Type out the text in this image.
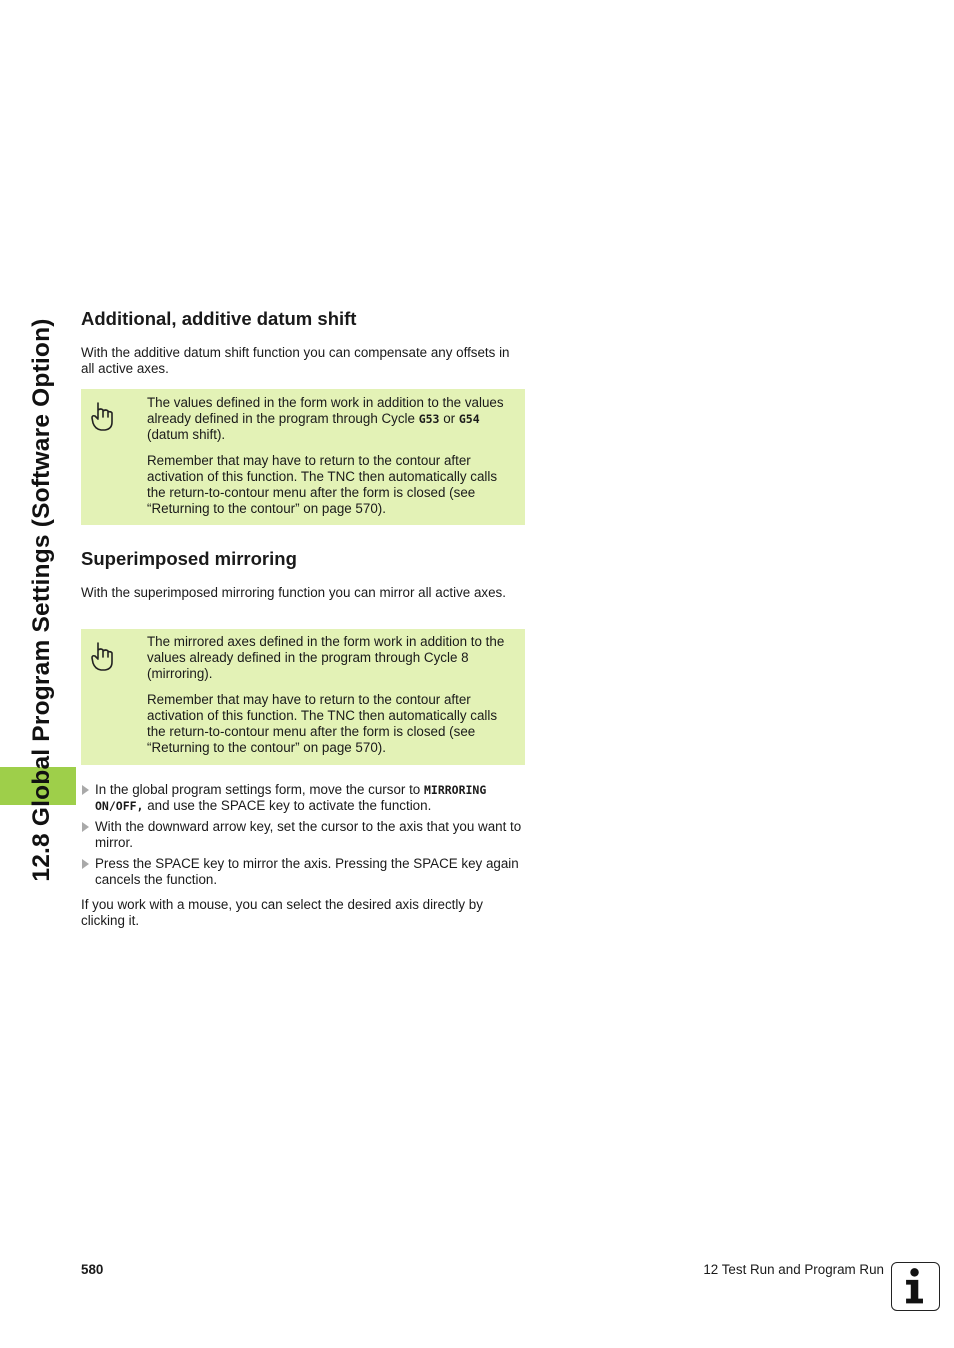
12.8 Global Program Settings (Software Option) Additional, additive datum shift

With the additive datum shift function you can compensate any offsets in all active axes.

The values defined in the form work in addition to the values already defined in the program through Cycle G53 or G54 (datum shift).

Remember that may have to return to the contour after activation of this function. The TNC then automatically calls the return-to-contour menu after the form is closed (see “Returning to the contour” on page 570).

Superimposed mirroring

With the superimposed mirroring function you can mirror all active axes.

The mirrored axes defined in the form work in addition to the values already defined in the program through Cycle 8 (mirroring).

Remember that may have to return to the contour after activation of this function. The TNC then automatically calls the return-to-contour menu after the form is closed (see “Returning to the contour” on page 570).

In the global program settings form, move the cursor to MIRRORING ON/OFF, and use the SPACE key to activate the function.
With the downward arrow key, set the cursor to the axis that you want to mirror.
Press the SPACE key to mirror the axis. Pressing the SPACE key again cancels the function.

If you work with a mouse, you can select the desired axis directly by clicking it.

580	12 Test Run and Program Run
